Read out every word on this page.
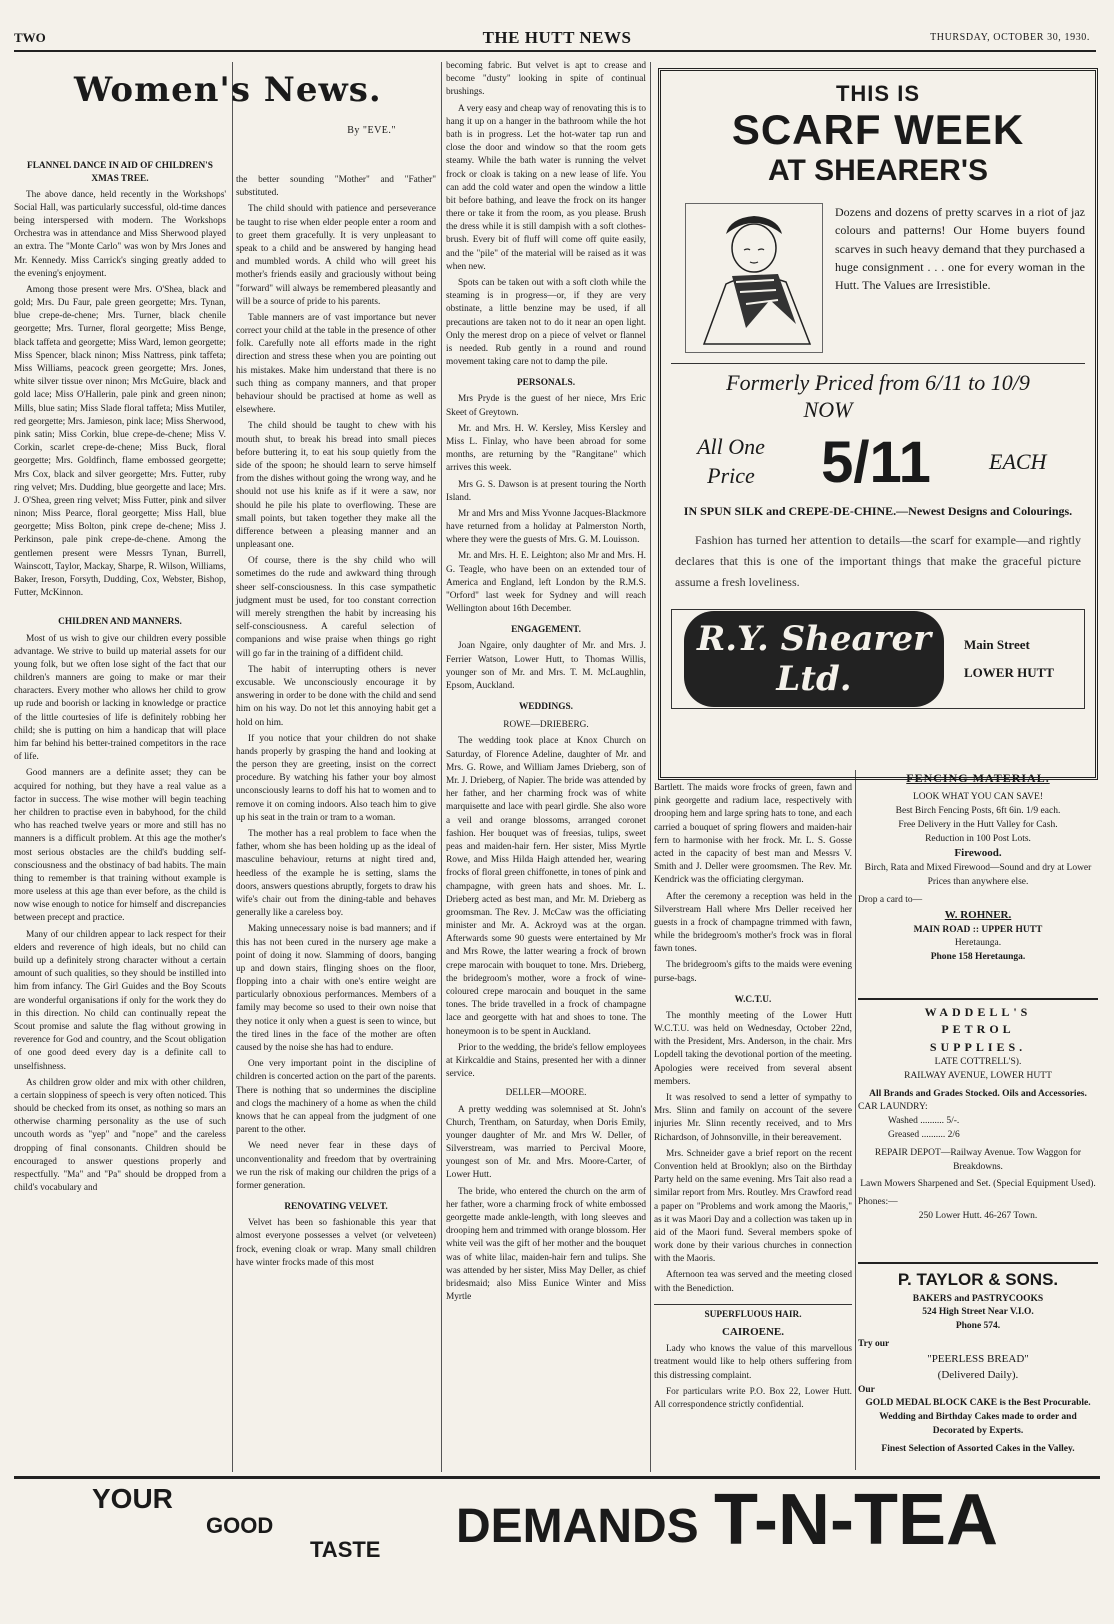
TWO	THE HUTT NEWS	THURSDAY, OCTOBER 30, 1930.
Women's News.
By "EVE."
FLANNEL DANCE IN AID OF CHILDREN'S XMAS TREE.

The above dance, held recently in the Workshops' Social Hall, was particularly successful, old-time dances being interspersed with modern. The Workshops Orchestra was in attendance and Miss Sherwood played an extra. The "Monte Carlo" was won by Mrs Jones and Mr. Kennedy. Miss Carrick's singing greatly added to the evening's enjoyment.

Among those present were Mrs. O'Shea, black and gold; Mrs. Du Faur, pale green georgette; Mrs. Tynan, blue crepe-de-chene; Mrs. Turner, black chenile georgette; Mrs. Turner, floral georgette; Miss Benge, black taffeta and georgette; Miss Ward, lemon georgette; Miss Spencer, black ninon; Miss Nattress, pink taffeta; Miss Williams, peacock green georgette; Mrs. Jones, white silver tissue over ninon; Mrs McGuire, black and gold lace; Miss O'Hallerin, pale pink and green ninon; Mills, blue satin; Miss Slade floral taffeta; Miss Mutiler, red georgette; Mrs. Jamieson, pink lace; Miss Sherwood, pink satin; Miss Corkin, blue crepe-de-chene; Miss V. Corkin, scarlet crepe-de-chene; Miss Buck, floral georgette; Mrs. Goldfinch, flame embossed georgette; Mrs Cox, black and silver georgette; Mrs. Futter, ruby ring velvet; Mrs. Dudding, blue georgette and lace; Mrs. J. O'Shea, green ring velvet; Miss Futter, pink and silver ninon; Miss Pearce, floral georgette; Miss Hall, blue georgette; Miss Bolton, pink crepe de-chene; Miss J. Perkinson, pale pink crepe-de-chene. Among the gentlemen present were Messrs Tynan, Burrell, Wainscott, Taylor, Mackay, Sharpe, R. Wilson, Williams, Baker, Ireson, Forsyth, Dudding, Cox, Webster, Bishop, Futter, McKinnon.

CHILDREN AND MANNERS.

Most of us wish to give our children every possible advantage. We strive to build up material assets for our young folk, but we often lose sight of the fact that our children's manners are going to make or mar their characters. Every mother who allows her child to grow up rude and boorish or lacking in knowledge or practice of the little courtesies of life is definitely robbing her child; she is putting on him a handicap that will place him far behind his better-trained competitors in the race of life.

Good manners are a definite asset; they can be acquired for nothing, but they have a real value as a factor in success. The wise mother will begin teaching her children to practise even in babyhood, for the child who has reached twelve years or more and still has no manners is a difficult problem. At this age the mother's most serious obstacles are the child's budding self-consciousness and the obstinacy of bad habits. The main thing to remember is that training without example is more useless at this age than ever before, as the child is now wise enough to notice for himself and discrepancies between precept and practice.

Many of our children appear to lack respect for their elders and reverence of high ideals, but no child can build up a definitely strong character without a certain amount of such qualities, so they should be instilled into him from infancy. The Girl Guides and the Boy Scouts are wonderful organisations if only for the work they do in this direction. No child can continually repeat the Scout promise and salute the flag without growing in reverence for God and country, and the Scout obligation of one good deed every day is a definite call to unselfishness.

As children grow older and mix with other children, a certain sloppiness of speech is very often noticed. This should be checked from its onset, as nothing so mars an otherwise charming personality as the use of such uncouth words as "yep" and "nope" and the careless dropping of final consonants. Children should be encouraged to answer questions properly and respectfully. "Ma" and "Pa" should be dropped from a child's vocabulary and

the better sounding "Mother" and "Father" substituted.

The child should with patience and perseverance be taught to rise when elder people enter a room and to greet them gracefully. It is very unpleasant to speak to a child and be answered by hanging head and mumbled words. A child who will greet his mother's friends easily and graciously without being "forward" will always be remembered pleasantly and will be a source of pride to his parents.

Table manners are of vast importance but never correct your child at the table in the presence of other folk. Carefully note all efforts made in the right direction and stress these when you are pointing out his mistakes. Make him understand that there is no such thing as company manners, and that proper behaviour should be practised at home as well as elsewhere.

The child should be taught to chew with his mouth shut, to break his bread into small pieces before buttering it, to eat his soup quietly from the side of the spoon; he should learn to serve himself from the dishes without going the wrong way, and he should not use his knife as if it were a saw, nor should he pile his plate to overflowing. These are small points, but taken together they make all the difference between a pleasing manner and an unpleasant one.

Of course, there is the shy child who will sometimes do the rude and awkward thing through sheer self-consciousness. In this case sympathetic judgment must be used, for too constant correction will merely strengthen the habit by increasing his self-consciousness. A careful selection of companions and wise praise when things go right will go far in the training of a diffident child.

The habit of interrupting others is never excusable. We unconsciously encourage it by answering in order to be done with the child and send him on his way. Do not let this annoying habit get a hold on him.

If you notice that your children do not shake hands properly by grasping the hand and looking at the person they are greeting, insist on the correct procedure. By watching his father your boy almost unconsciously learns to doff his hat to women and to remove it on coming indoors. Also teach him to give up his seat in the train or tram to a woman.

The mother has a real problem to face when the father, whom she has been holding up as the ideal of masculine behaviour, returns at night tired and, heedless of the example he is setting, slams the doors, answers questions abruptly, forgets to draw his wife's chair out from the dining-table and behaves generally like a careless boy.

Making unnecessary noise is bad manners; and if this has not been cured in the nursery age make a point of doing it now. Slamming of doors, banging up and down stairs, flinging shoes on the floor, flopping into a chair with one's entire weight are particularly obnoxious performances. Members of a family may become so used to their own noise that they notice it only when a guest is seen to wince, but the tired lines in the face of the mother are often caused by the noise she has had to endure.

One very important point in the discipline of children is concerted action on the part of the parents. There is nothing that so undermines the discipline and clogs the machinery of a home as when the child knows that he can appeal from the judgment of one parent to the other.

We need never fear in these days of unconventionality and freedom that by overtraining we run the risk of making our children the prigs of a former generation.

RENOVATING VELVET.

Velvet has been so fashionable this year that almost everyone possesses a velvet (or velveteen) frock, evening cloak or wrap. Many small children have winter frocks made of this most

becoming fabric. But velvet is apt to crease and become "dusty" looking in spite of continual brushings.

A very easy and cheap way of renovating this is to hang it up on a hanger in the bathroom while the hot bath is in progress. Let the hot-water tap run and close the door and window so that the room gets steamy. While the bath water is running the velvet frock or cloak is taking on a new lease of life. You can add the cold water and open the window a little bit before bathing, and leave the frock on its hanger there or take it from the room, as you please. Brush the dress while it is still dampish with a soft clothes-brush. Every bit of fluff will come off quite easily, and the "pile" of the material will be raised as it was when new.

Spots can be taken out with a soft cloth while the steaming is in progress—or, if they are very obstinate, a little benzine may be used, if all precautions are taken not to do it near an open light. Only the merest drop on a piece of velvet or flannel is needed. Rub gently in a round and round movement taking care not to damp the pile.

PERSONALS.

Mrs Pryde is the guest of her niece, Mrs Eric Skeet of Greytown.

Mr. and Mrs. H. W. Kersley, Miss Kersley and Miss L. Finlay, who have been abroad for some months, are returning by the "Rangitane" which arrives this week.

Mrs G. S. Dawson is at present touring the North Island.

Mr and Mrs and Miss Yvonne Jacques-Blackmore have returned from a holiday at Palmerston North, where they were the guests of Mrs. G. M. Louisson.

Mr. and Mrs. H. E. Leighton; also Mr and Mrs. H. G. Teagle, who have been on an extended tour of America and England, left London by the R.M.S. "Orford" last week for Sydney and will reach Wellington about 16th December.

ENGAGEMENT.

Joan Ngaire, only daughter of Mr. and Mrs. J. Ferrier Watson, Lower Hutt, to Thomas Willis, younger son of Mr. and Mrs. T. M. McLaughlin, Epsom, Auckland.

WEDDINGS.
ROWE—DRIEBERG.

The wedding took place at Knox Church on Saturday, of Florence Adeline, daughter of Mr. and Mrs. G. Rowe, and William James Drieberg, son of Mr. J. Drieberg, of Napier. The bride was attended by her father, and her charming frock was of white marquisette and lace with pearl girdle. She also wore a veil and orange blossoms, arranged coronet fashion. Her bouquet was of freesias, tulips, sweet peas and maiden-hair fern. Her sister, Miss Myrtle Rowe, and Miss Hilda Haigh attended her, wearing frocks of floral green chiffonette, in tones of pink and champagne, with green hats and shoes. Mr. L. Drieberg acted as best man, and Mr. M. Drieberg as groomsman. The Rev. J. McCaw was the officiating minister and Mr. A. Ackroyd was at the organ. Afterwards some 90 guests were entertained by Mr and Mrs Rowe, the latter wearing a frock of brown crepe marocain with bouquet to tone. Mrs. Drieberg, the bridegroom's mother, wore a frock of wine-coloured crepe marocain and bouquet in the same tones. The bride travelled in a frock of champagne lace and georgette with hat and shoes to tone. The honeymoon is to be spent in Auckland.

Prior to the wedding, the bride's fellow employees at Kirkcaldie and Stains, presented her with a dinner service.

DELLER—MOORE.

A pretty wedding was solemnised at St. John's Church, Trentham, on Saturday, when Doris Emily, younger daughter of Mr. and Mrs W. Deller, of Silverstream, was married to Percival Moore, youngest son of Mr. and Mrs. Moore-Carter, of Lower Hutt.

The bride, who entered the church on the arm of her father, wore a charming frock of white embossed georgette made ankle-length, with long sleeves and drooping hem and trimmed with orange blossom. Her white veil was the gift of her mother and the bouquet was of white lilac, maiden-hair fern and tulips. She was attended by her sister, Miss May Deller, as chief bridesmaid; also Miss Eunice Winter and Miss Myrtle

Bartlett. The maids wore frocks of green, fawn and pink georgette and radium lace, respectively with drooping hem and large spring hats to tone, and each carried a bouquet of spring flowers and maiden-hair fern to harmonise with her frock. Mr. L. S. Gosse acted in the capacity of best man and Messrs V. Smith and J. Deller were groomsmen. The Rev. Mr. Kendrick was the officiating clergyman.

After the ceremony a reception was held in the Silverstream Hall where Mrs Deller received her guests in a frock of champagne trimmed with fawn, while the bridegroom's mother's frock was in floral fawn tones.

The bridegroom's gifts to the maids were evening purse-bags.

W.C.T.U.

The monthly meeting of the Lower Hutt W.C.T.U. was held on Wednesday, October 22nd, with the President, Mrs. Anderson, in the chair. Mrs Lopdell taking the devotional portion of the meeting. Apologies were received from several absent members.

It was resolved to send a letter of sympathy to Mrs. Slinn and family on account of the severe injuries Mr. Slinn recently received, and to Mrs Richardson, of Johnsonville, in their bereavement.

Mrs. Schneider gave a brief report on the recent Convention held at Brooklyn; also on the Birthday Party held on the same evening. Mrs Tait also read a similar report from Mrs. Routley. Mrs Crawford read a paper on "Problems and work among the Maoris," as it was Maori Day and a collection was taken up in aid of the Maori fund. Several members spoke of work done by their various churches in connection with the Maoris.

Afternoon tea was served and the meeting closed with the Benediction.

SUPERFLUOUS HAIR.
CAIROENE.

Lady who knows the value of this marvellous treatment would like to help others suffering from this distressing complaint.

For particulars write P.O. Box 22, Lower Hutt. All correspondence strictly confidential.

THIS IS
SCARF WEEK
AT SHEARER'S
Dozens and dozens of pretty scarves in a riot of jaz colours and patterns! Our Home buyers found scarves in such heavy demand that they purchased a huge consignment . . . one for every woman in the Hutt. The Values are Irresistible.
Formerly Priced from 6/11 to 10/9
NOW
All One
Price	5/11	EACH
IN SPUN SILK and CREPE-DE-CHINE.—Newest Designs and Colourings.
Fashion has turned her attention to details—the scarf for example—and rightly declares that this is one of the important things that make the graceful picture assume a fresh loveliness.
R.Y. Shearer Ltd.
Main Street
LOWER HUTT
FENCING MATERIAL.
LOOK WHAT YOU CAN SAVE!
Best Birch Fencing Posts, 6ft 6in. 1/9 each.
Free Delivery in the Hutt Valley for Cash.
Reduction in 100 Post Lots.
Firewood.
Birch, Rata and Mixed Firewood—Sound and dry at Lower Prices than anywhere else.
Drop a card to—
W. ROHNER.
MAIN ROAD :: UPPER HUTT
Heretaunga.
Phone 158 Heretaunga.
WADDELL'S
PETROL
SUPPLIES.
LATE COTTRELL'S).
RAILWAY AVENUE, LOWER HUTT
All Brands and Grades Stocked. Oils and Accessories.
CAR LAUNDRY:
Washed .......... 5/-.
Greased .......... 2/6
REPAIR DEPOT—Railway Avenue. Tow Waggon for Breakdowns.
Lawn Mowers Sharpened and Set. (Special Equipment Used).
Phones:—
250 Lower Hutt. 46-267 Town.
P. TAYLOR & SONS.
BAKERS and PASTRYCOOKS
524 High Street Near V.I.O.
Phone 574.
Try our
"PEERLESS BREAD"
(Delivered Daily).
Our
GOLD MEDAL BLOCK CAKE is the Best Procurable.
Wedding and Birthday Cakes made to order and Decorated by Experts.
Finest Selection of Assorted Cakes in the Valley.
YOUR
GOOD
TASTE DEMANDS T-N-TEA
